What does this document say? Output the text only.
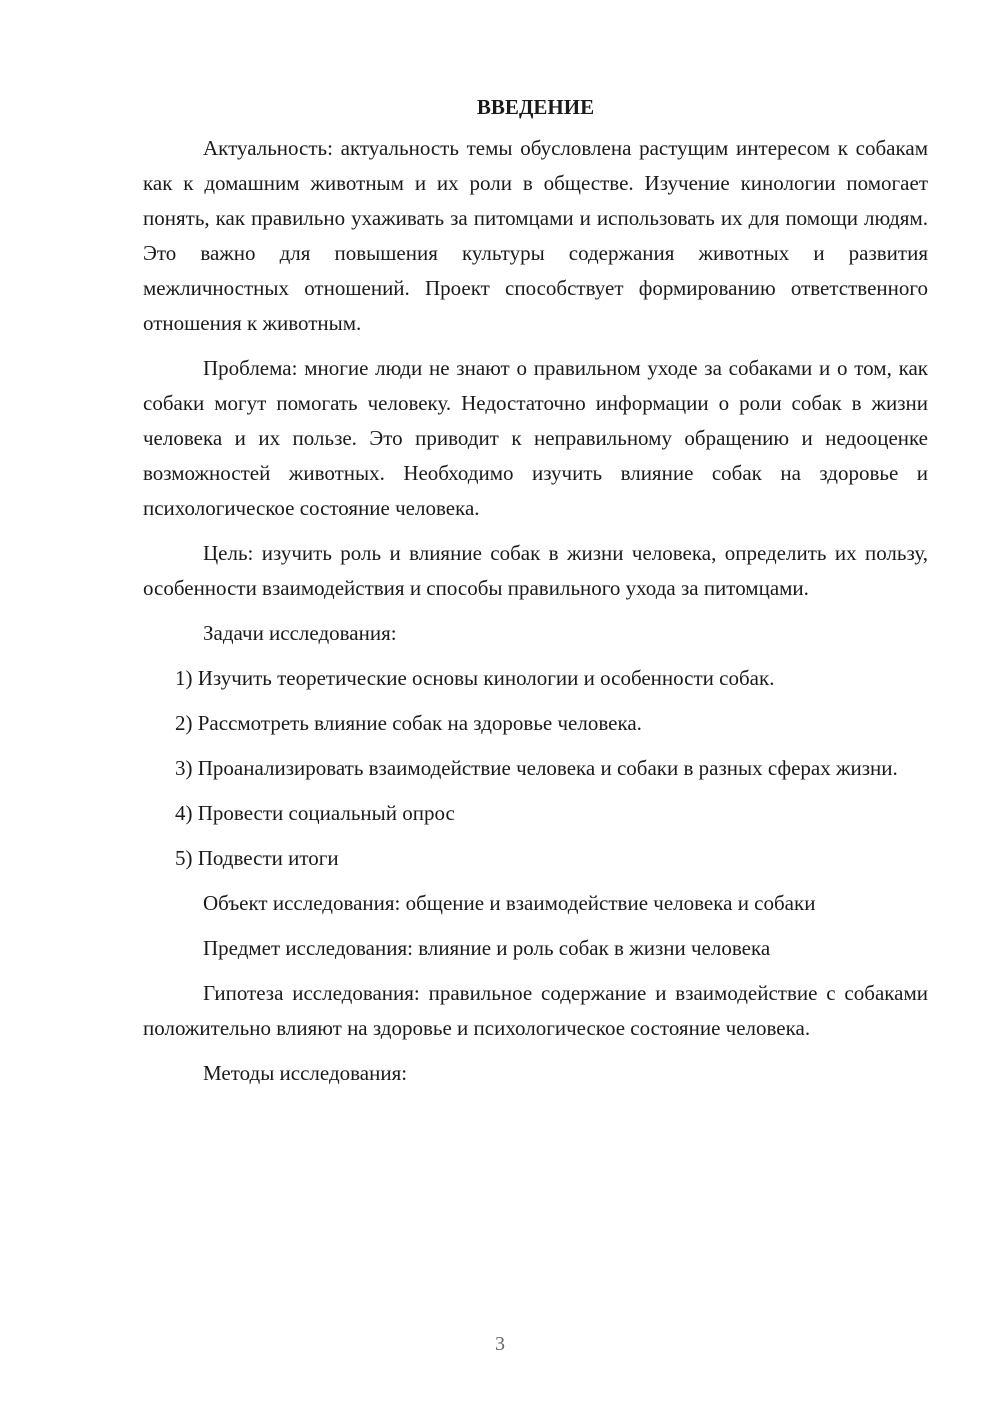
ВВЕДЕНИЕ

Актуальность: актуальность темы обусловлена растущим интересом к собакам как к домашним животным и их роли в обществе. Изучение кинологии помогает понять, как правильно ухаживать за питомцами и использовать их для помощи людям. Это важно для повышения культуры содержания животных и развития межличностных отношений. Проект способствует формированию ответственного отношения к животным.

Проблема: многие люди не знают о правильном уходе за собаками и о том, как собаки могут помогать человеку. Недостаточно информации о роли собак в жизни человека и их пользе. Это приводит к неправильному обращению и недооценке возможностей животных. Необходимо изучить влияние собак на здоровье и психологическое состояние человека.

Цель: изучить роль и влияние собак в жизни человека, определить их пользу, особенности взаимодействия и способы правильного ухода за питомцами.

Задачи исследования:

1) Изучить теоретические основы кинологии и особенности собак.

2) Рассмотреть влияние собак на здоровье человека.

3) Проанализировать взаимодействие человека и собаки в разных сферах жизни.

4) Провести социальный опрос

5) Подвести итоги

Объект исследования: общение и взаимодействие человека и собаки

Предмет исследования: влияние и роль собак в жизни человека

Гипотеза исследования: правильное содержание и взаимодействие с собаками положительно влияют на здоровье и психологическое состояние человека.

Методы исследования:

3
